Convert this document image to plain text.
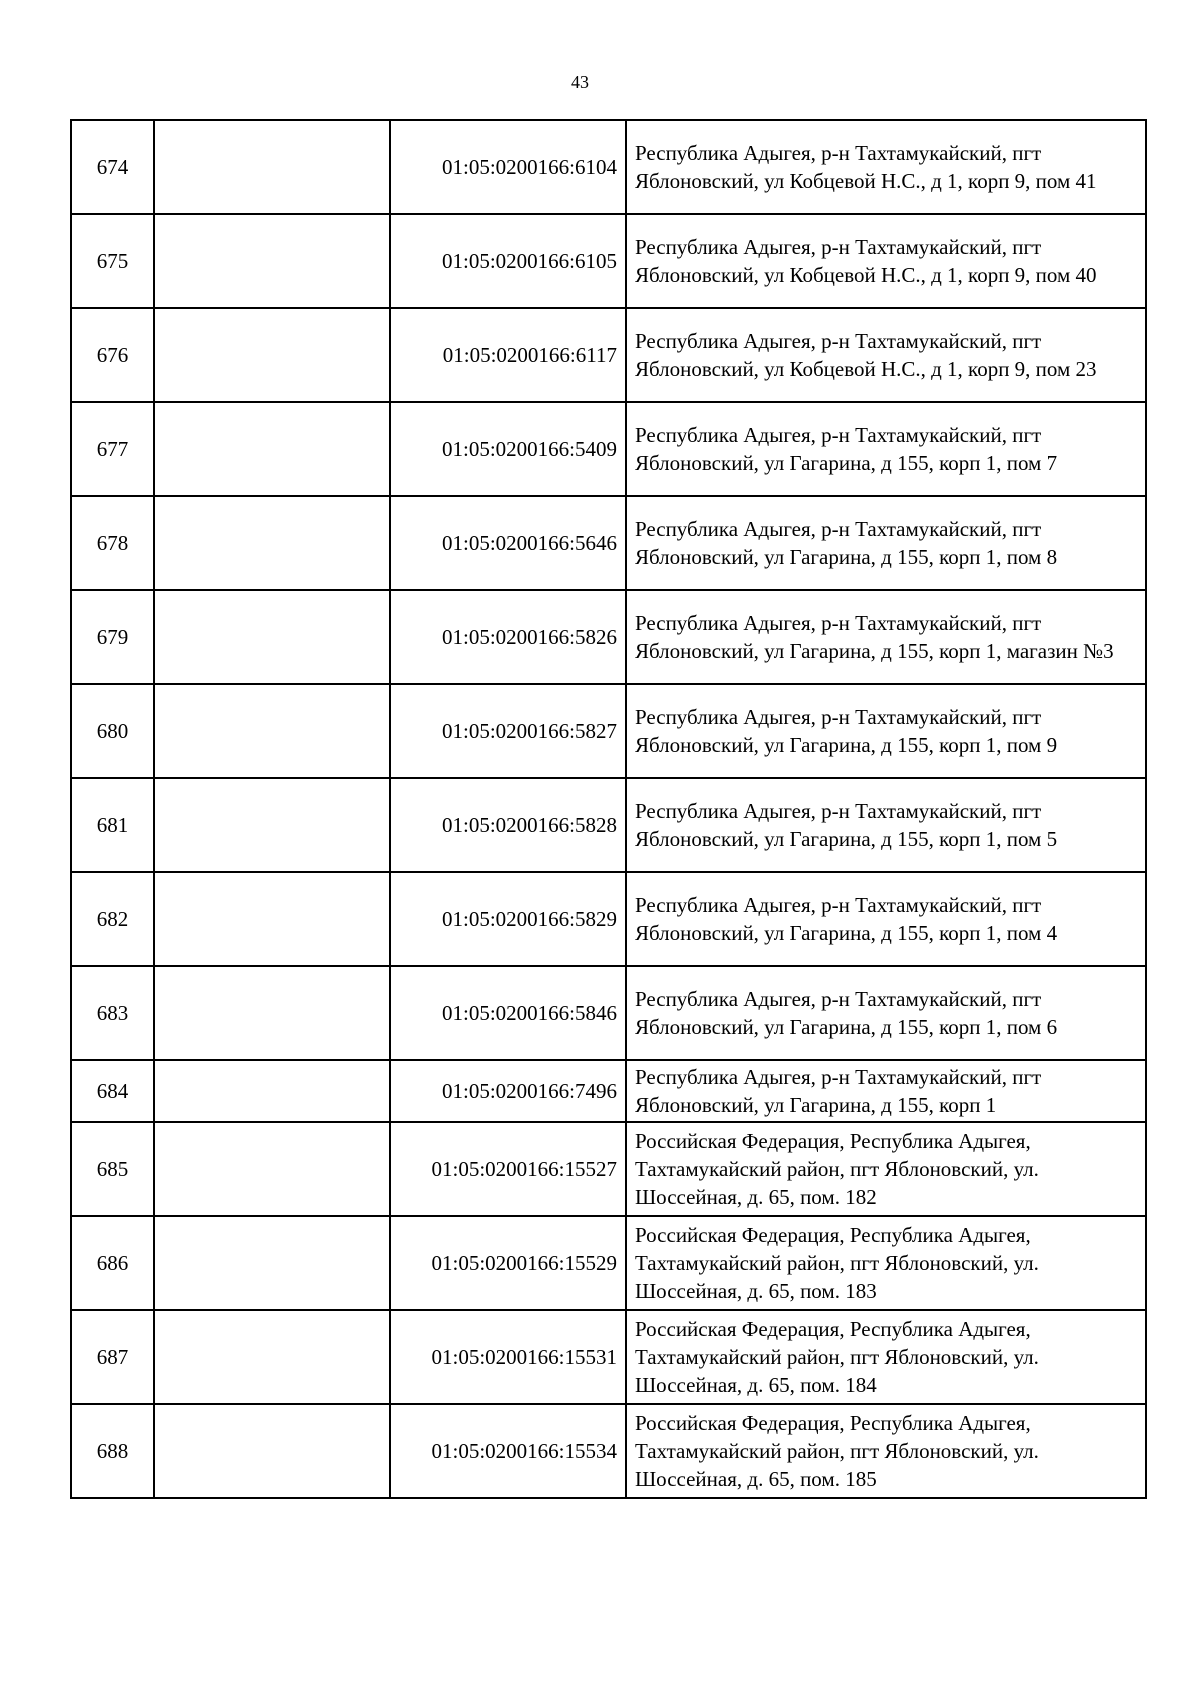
43
674		01:05:0200166:6104	Республика Адыгея, р-н Тахтамукайский, пгт Яблоновский, ул Кобцевой Н.С., д 1, корп 9, пом 41
675		01:05:0200166:6105	Республика Адыгея, р-н Тахтамукайский, пгт Яблоновский, ул Кобцевой Н.С., д 1, корп 9, пом 40
676		01:05:0200166:6117	Республика Адыгея, р-н Тахтамукайский, пгт Яблоновский, ул Кобцевой Н.С., д 1, корп 9, пом 23
677		01:05:0200166:5409	Республика Адыгея, р-н Тахтамукайский, пгт Яблоновский, ул Гагарина, д 155, корп 1, пом 7
678		01:05:0200166:5646	Республика Адыгея, р-н Тахтамукайский, пгт Яблоновский, ул Гагарина, д 155, корп 1, пом 8
679		01:05:0200166:5826	Республика Адыгея, р-н Тахтамукайский, пгт Яблоновский, ул Гагарина, д 155, корп 1, магазин №3
680		01:05:0200166:5827	Республика Адыгея, р-н Тахтамукайский, пгт Яблоновский, ул Гагарина, д 155, корп 1, пом 9
681		01:05:0200166:5828	Республика Адыгея, р-н Тахтамукайский, пгт Яблоновский, ул Гагарина, д 155, корп 1, пом 5
682		01:05:0200166:5829	Республика Адыгея, р-н Тахтамукайский, пгт Яблоновский, ул Гагарина, д 155, корп 1, пом 4
683		01:05:0200166:5846	Республика Адыгея, р-н Тахтамукайский, пгт Яблоновский, ул Гагарина, д 155, корп 1, пом 6
684		01:05:0200166:7496	Республика Адыгея, р-н Тахтамукайский, пгт Яблоновский, ул Гагарина, д 155, корп 1
685		01:05:0200166:15527	Российская Федерация, Республика Адыгея, Тахтамукайский район, пгт Яблоновский, ул. Шоссейная, д. 65, пом. 182
686		01:05:0200166:15529	Российская Федерация, Республика Адыгея, Тахтамукайский район, пгт Яблоновский, ул. Шоссейная, д. 65, пом. 183
687		01:05:0200166:15531	Российская Федерация, Республика Адыгея, Тахтамукайский район, пгт Яблоновский, ул. Шоссейная, д. 65, пом. 184
688		01:05:0200166:15534	Российская Федерация, Республика Адыгея, Тахтамукайский район, пгт Яблоновский, ул. Шоссейная, д. 65, пом. 185
